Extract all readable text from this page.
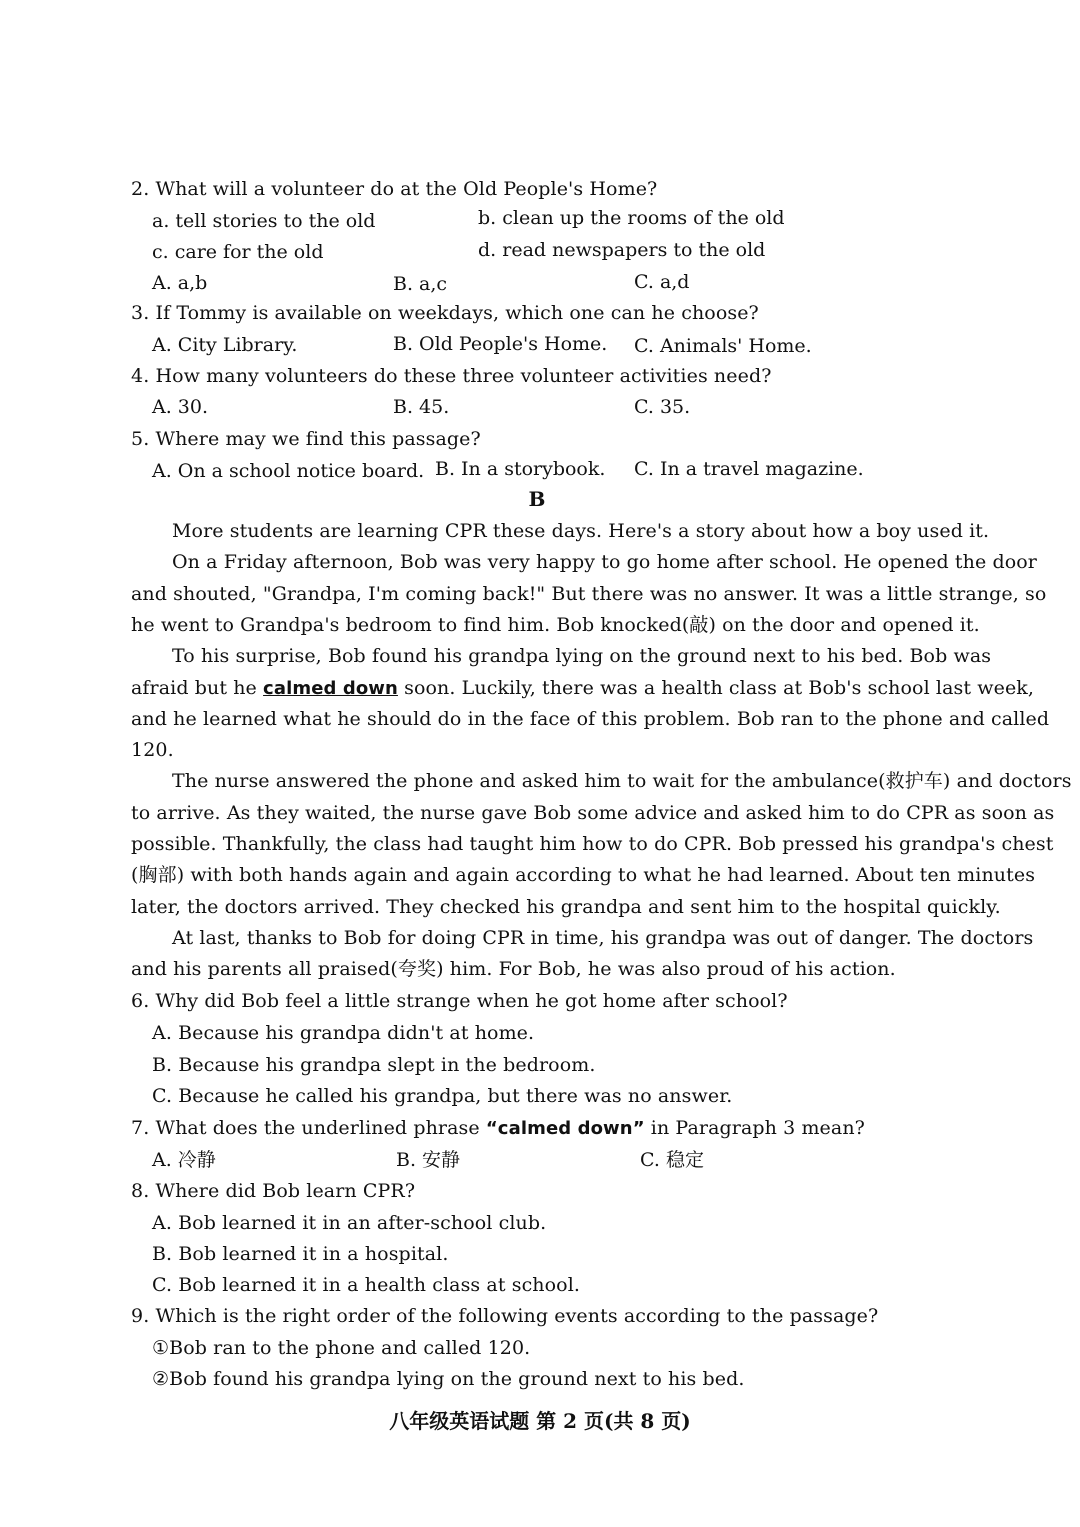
2. What will a volunteer do at the Old People's Home?
a. tell stories to the old	b. clean up the rooms of the old
c. care for the old	d. read newspapers to the old
A. a,b	B. a,c	C. a,d
3. If Tommy is available on weekdays, which one can he choose?
A. City Library.	B. Old People's Home. C. Animals' Home.
4. How many volunteers do these three volunteer activities need?
A. 30.	B. 45.	C. 35.
5. Where may we find this passage?
A. On a school notice board. B. In a storybook. C. In a travel magazine.
B
More students are learning CPR these days. Here's a story about how a boy used it.
On a Friday afternoon, Bob was very happy to go home after school. He opened the door
and shouted, "Grandpa, I'm coming back!" But there was no answer. It was a little strange, so
he went to Grandpa's bedroom to find him. Bob knocked(敲) on the door and opened it.
To his surprise, Bob found his grandpa lying on the ground next to his bed. Bob was
afraid but he calmed down soon. Luckily, there was a health class at Bob's school last week,
and he learned what he should do in the face of this problem. Bob ran to the phone and called
120.
The nurse answered the phone and asked him to wait for the ambulance(救护车) and doctors
to arrive. As they waited, the nurse gave Bob some advice and asked him to do CPR as soon as
possible. Thankfully, the class had taught him how to do CPR. Bob pressed his grandpa's chest
(胸部) with both hands again and again according to what he had learned. About ten minutes
later, the doctors arrived. They checked his grandpa and sent him to the hospital quickly.
At last, thanks to Bob for doing CPR in time, his grandpa was out of danger. The doctors
and his parents all praised(夸奖) him. For Bob, he was also proud of his action.
6. Why did Bob feel a little strange when he got home after school?
A. Because his grandpa didn't at home.
B. Because his grandpa slept in the bedroom.
C. Because he called his grandpa, but there was no answer.
7. What does the underlined phrase “calmed down” in Paragraph 3 mean?
A. 冷静	B. 安静	C. 稳定
8. Where did Bob learn CPR?
A. Bob learned it in an after-school club.
B. Bob learned it in a hospital.
C. Bob learned it in a health class at school.
9. Which is the right order of the following events according to the passage?
①Bob ran to the phone and called 120.
②Bob found his grandpa lying on the ground next to his bed.
八年级英语试题 第 2 页(共 8 页)
